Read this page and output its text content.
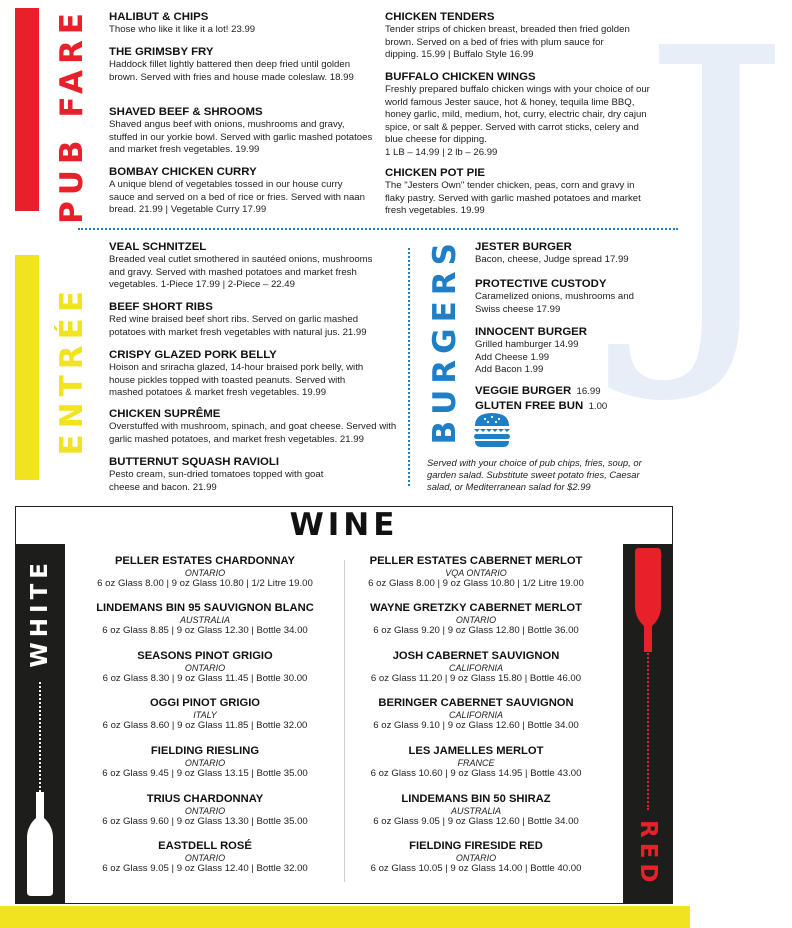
J
PUB FARE HALIBUT & CHIPS
Those who like it like it a lot! 23.99
THE GRIMSBY FRY
Haddock fillet lightly battered then deep fried until golden brown. Served with fries and house made coleslaw. 18.99
SHAVED BEEF & SHROOMS
Shaved angus beef with onions, mushrooms and gravy, stuffed in our yorkie bowl. Served with garlic mashed potatoes and market fresh vegetables. 19.99
BOMBAY CHICKEN CURRY
A unique blend of vegetables tossed in our house curry sauce and served on a bed of rice or fries. Served with naan bread. 21.99 | Vegetable Curry 17.99
CHICKEN TENDERS
Tender strips of chicken breast, breaded then fried golden brown. Served on a bed of fries with plum sauce for dipping. 15.99 | Buffalo Style 16.99
BUFFALO CHICKEN WINGS
Freshly prepared buffalo chicken wings with your choice of our world famous Jester sauce, hot & honey, tequila lime BBQ, honey garlic, mild, medium, hot, curry, electric chair, dry cajun spice, or salt & pepper. Served with carrot sticks, celery and blue cheese for dipping.
1 LB – 14.99 | 2 lb – 26.99
CHICKEN POT PIE
The "Jesters Own" tender chicken, peas, corn and gravy in flaky pastry. Served with garlic mashed potatoes and market fresh vegetables. 19.99
ENTRÉE
VEAL SCHNITZEL
Breaded veal cutlet smothered in sautéed onions, mushrooms and gravy. Served with mashed potatoes and market fresh vegetables. 1-Piece 17.99 | 2-Piece – 22.49
BEEF SHORT RIBS
Red wine braised beef short ribs. Served on garlic mashed potatoes with market fresh vegetables with natural jus. 21.99
CRISPY GLAZED PORK BELLY
Hoison and sriracha glazed, 14-hour braised pork belly, with house pickles topped with toasted peanuts. Served with mashed potatoes & market fresh vegetables. 19.99
CHICKEN SUPRÊME
Overstuffed with mushroom, spinach, and goat cheese. Served with garlic mashed potatoes, and market fresh vegetables. 21.99
BUTTERNUT SQUASH RAVIOLI
Pesto cream, sun-dried tomatoes topped with goat cheese and bacon. 21.99
BURGERS JESTER BURGER
Bacon, cheese, Judge spread 17.99
PROTECTIVE CUSTODY
Caramelized onions, mushrooms and Swiss cheese 17.99
INNOCENT BURGER
Grilled hamburger 14.99
Add Cheese 1.99
Add Bacon 1.99
VEGGIE BURGER 16.99
GLUTEN FREE BUN 1.00
Served with your choice of pub chips, fries, soup, or garden salad. Substitute sweet potato fries, Caesar salad, or Mediterranean salad for $2.99
WINE
WHITE
RED
PELLER ESTATES CHARDONNAY
ONTARIO
6 oz Glass 8.00 | 9 oz Glass 10.80 | 1/2 Litre 19.00
LINDEMANS BIN 95 SAUVIGNON BLANC
AUSTRALIA
6 oz Glass 8.85 | 9 oz Glass 12.30 | Bottle 34.00
SEASONS PINOT GRIGIO
ONTARIO
6 oz Glass 8.30 | 9 oz Glass 11.45 | Bottle 30.00
OGGI PINOT GRIGIO
ITALY
6 oz Glass 8.60 | 9 oz Glass 11.85 | Bottle 32.00
FIELDING RIESLING
ONTARIO
6 oz Glass 9.45 | 9 oz Glass 13.15 | Bottle 35.00
TRIUS CHARDONNAY
ONTARIO
6 oz Glass 9.60 | 9 oz Glass 13.30 | Bottle 35.00
EASTDELL ROSÉ
ONTARIO
6 oz Glass 9.05 | 9 oz Glass 12.40 | Bottle 32.00
PELLER ESTATES CABERNET MERLOT
VQA ONTARIO
6 oz Glass 8.00 | 9 oz Glass 10.80 | 1/2 Litre 19.00
WAYNE GRETZKY CABERNET MERLOT
ONTARIO
6 oz Glass 9.20 | 9 oz Glass 12.80 | Bottle 36.00
JOSH CABERNET SAUVIGNON
CALIFORNIA
6 oz Glass 11.20 | 9 oz Glass 15.80 | Bottle 46.00
BERINGER CABERNET SAUVIGNON
CALIFORNIA
6 oz Glass 9.10 | 9 oz Glass 12.60 | Bottle 34.00
LES JAMELLES MERLOT
FRANCE
6 oz Glass 10.60 | 9 oz Glass 14.95 | Bottle 43.00
LINDEMANS BIN 50 SHIRAZ
AUSTRALIA
6 oz Glass 9.05 | 9 oz Glass 12.60 | Bottle 34.00
FIELDING FIRESIDE RED
ONTARIO
6 oz Glass 10.05 | 9 oz Glass 14.00 | Bottle 40.00
